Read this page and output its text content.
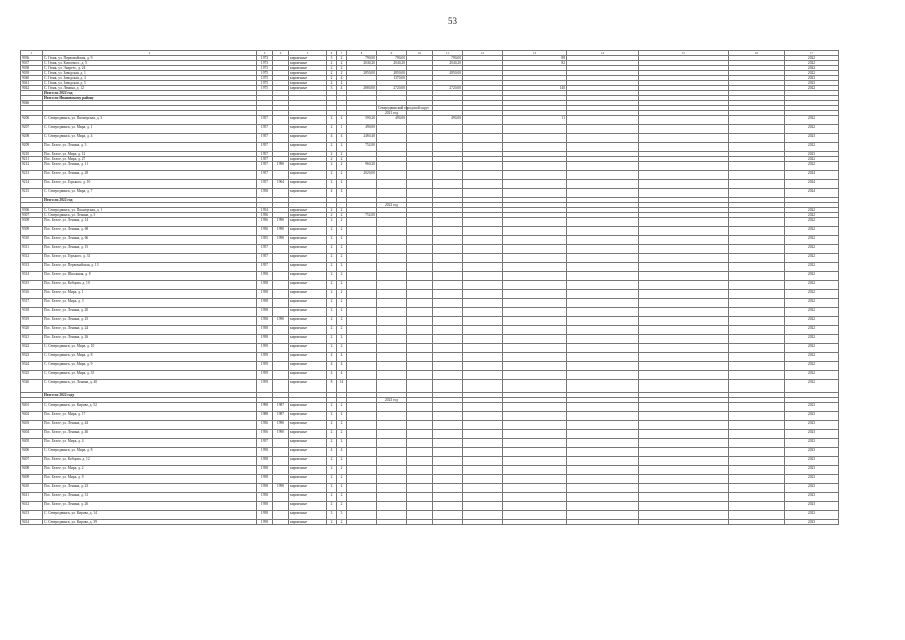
53
1	2	3	4	5	6	7	8	9	10	11	12	13	14	15	16	17
9036	С. Гюнк, ул. Первомайская, д. 9	1973		кирпичные	3	2	790,00	790,00		790,00		88				2022
9037	С. Гюнк, ул. Комсомол., д. 5	1973		кирпичные	2	2	2040,20	2040,20		2040,20		82				2022
9038	С. Гюнк, ул. Энергет., д. 24	1973		кирпичные	2	2										2022
9039	С. Гюнк, ул. Заводская, д. 1	1975		кирпичные	2	2	2850,00	2850,00		2850,00						2022
9040	С. Гюнк, ул. Заводская, д. 3	1975		кирпичные	2	4		1370,00								2023
9041	С. Гюнк, ул. Заводская, д. 5	1975		кирпичные	2	4										2023
9042	С. Гюнк, ул. Ленина, д. 12	1975		кирпичные	3	4	2880,00	2720,00		2720,00		140				2022
	Итого по 2022 год															
	Итого по Ивановскому району															
9046																
								Северодвинский городской округ								
								2021 год								
9206	С. Северодвинск, ул. Пионерская, д. 3	1957		кирпичные	2	2	590,20	490,00		490,00		11				2022
9207	С. Северодвинск, ул. Мира, д. 1	1957		кирпичные	2	1	490,00									2022
9208	С. Северодвинск, ул. Мира, д. 4	1957		кирпичные	4	4	2460,40									2023
9209	Пос. Белое, ул. Ленина, д. 3	1957		кирпичные	2	2	752,00									2022
9210	Пос. Белое, ул. Мира, д. 12	1957		кирпичные	2	2										2023
9211	Пос. Белое, ул. Мира, д. 27	1957		кирпичные	2	2										2022
9212	Пос. Белое, ул. Ленина, д. 11	1957	1990	кирпичные	2	2	960,20									2022
9213	Пос. Белое, ул. Ленина, д. 28	1957		кирпичные	2	2	2020,00									2024
9214	Пос. Белое, ул. Горького, д. 10	1957	1964	кирпичные	2	2										2024
9215	С. Северодвинск, ул. Мира, д. 7	1958		кирпичные	4	4										2024
	Итого по 2022 год															
								2022 год								
9306	С. Северодвинск, ул. Пионерская, д. 1	1954		кирпичные	2	2										2022
9307	С. Северодвинск, ул. Ленина, д. 5	1956		кирпичные	2	2	752,00									2022
9308	Пос. Белое, ул. Ленина, д. 14	1956	1990	кирпичные	2	2										2022
9309	Пос. Белое, ул. Ленина, д. 68	1956	1990	кирпичные	2	2										2022
9310	Пос. Белое, ул. Ленина, д. 66	1955	1990	кирпичные	2	2										2022
9311	Пос. Белое, ул. Ленина, д. 15	1957		кирпичные	2	2										2022
9312	Пос. Белое, ул. Горького, д. 31	1957		кирпичные	2	2										2022
9313	Пос. Белое, ул. Первомайская, д. 13	1957		кирпичные	2	2										2022
9314	Пос. Белое, ул. Школьная, д. 8	1958		кирпичные	2	2										2022
9315	Пос. Белое, ул. Кобцова, д. 10	1958		кирпичные	2	2										2022
9316	Пос. Белое, ул. Мира, д. 1	1958		кирпичные	2	2										2022
9317	Пос. Белое, ул. Мира, д. 3	1958		кирпичные	2	2										2022
9318	Пос. Белое, ул. Ленина, д. 20	1958		кирпичные	2	2										2022
9319	Пос. Белое, ул. Ленина, д. 25	1958	1990	кирпичные	2	2										2022
9320	Пос. Белое, ул. Ленина, д. 24	1958		кирпичные	2	2										2022
9321	Пос. Белое, ул. Ленина, д. 26	1958		кирпичные	2	2										2022
9322	С. Северодвинск, ул. Мира, д. 10	1959		кирпичные	2	2										2022
9323	С. Северодвинск, ул. Мира, д. 8	1959		кирпичные	4	4										2022
9324	С. Северодвинск, ул. Мира, д. 9	1959		кирпичные	4	4										2022
9325	С. Северодвинск, ул. Мира, д. 35	1959		кирпичные	4	4										2022
9326	С. Северодвинск, ул. Ленина, д. 40	1959		кирпичные	8	14										2022
	Итого по 2022 году															
								2023 год								
9401	С. Северодвинск, ул. Кирова, д. 52	1998	1987	кирпичные	2	2										2023
9402	Пос. Белое, ул. Мира, д. 17	1988	1987	кирпичные	2	2										2023
9403	Пос. Белое, ул. Ленина, д. 44	1956	1990	кирпичные	2	2										2023
9404	Пос. Белое, ул. Ленина, д. 46	1956	1990	кирпичные	2	2										2023
9405	Пос. Белое, ул. Мира, д. 4	1957		кирпичные	2	2										2023
9406	С. Северодвинск, ул. Мира, д. 8	1958		кирпичные	4	4										2023
9407	Пос. Белое, ул. Кобцова, д. 12	1958		кирпичные	2	2										2023
9408	Пос. Белое, ул. Мира, д. 2	1958		кирпичные	2	2										2023
9409	Пос. Белое, ул. Мира, д. 9	1958		кирпичные	2	2										2023
9410	Пос. Белое, ул. Ленина, д. 23	1958	1990	кирпичные	2	2										2023
9411	Пос. Белое, ул. Ленина, д. 31	1958		кирпичные	2	2										2023
9412	Пос. Белое, ул. Ленина, д. 26	1958		кирпичные	2	2										2023
9413	С. Северодвинск, ул. Кирова, д. 14	1958		кирпичные	3	3										2023
9414	С. Северодвинск, ул. Кирова, д. 39	1958		кирпичные	2	2										2023
